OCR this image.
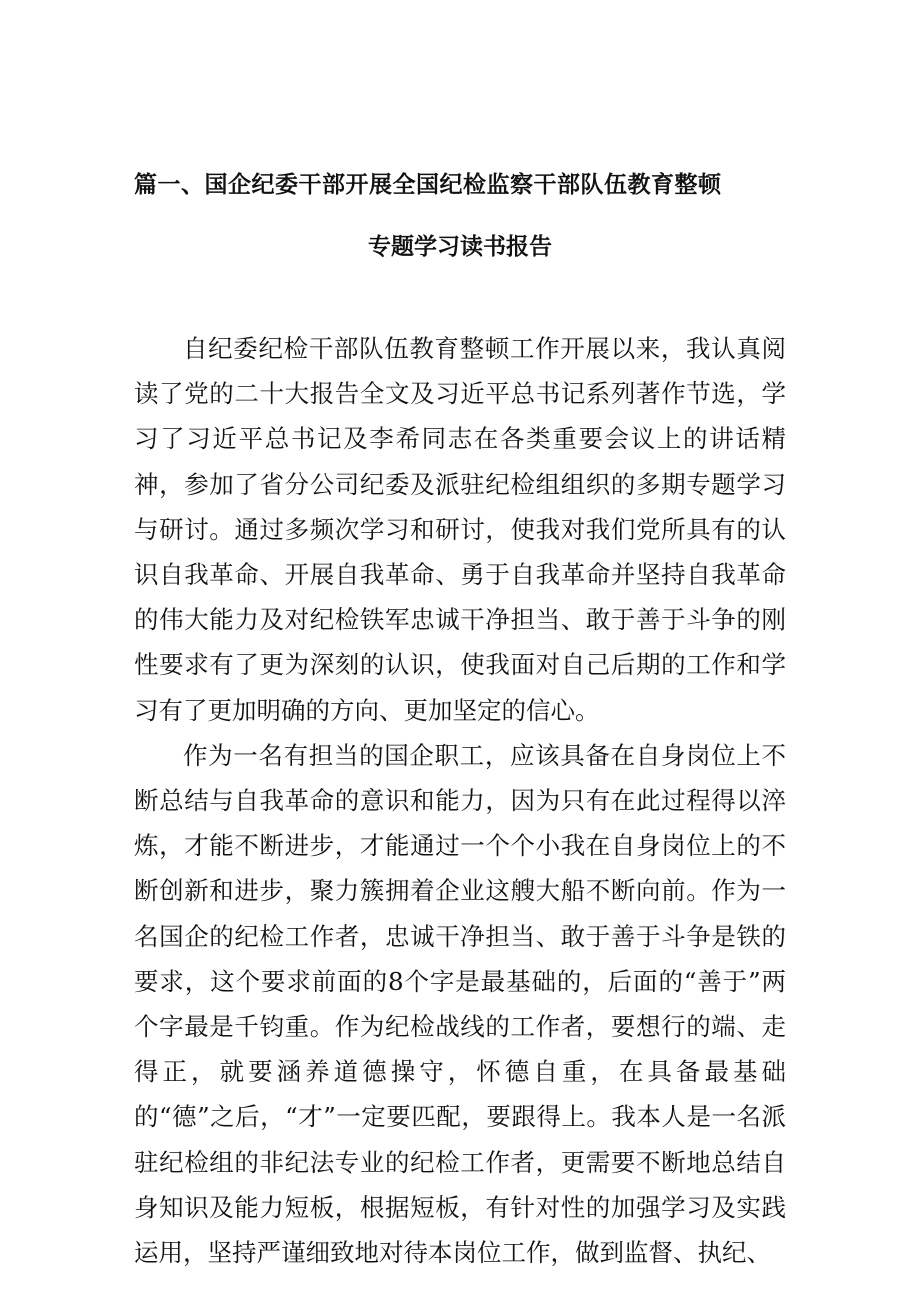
篇一、国企纪委干部开展全国纪检监察干部队伍教育整顿
专题学习读书报告

自纪委纪检干部队伍教育整顿工作开展以来，我认真阅读了党的二十大报告全文及习近平总书记系列著作节选，学习了习近平总书记及李希同志在各类重要会议上的讲话精神，参加了省分公司纪委及派驻纪检组组织的多期专题学习与研讨。通过多频次学习和研讨，使我对我们党所具有的认识自我革命、开展自我革命、勇于自我革命并坚持自我革命的伟大能力及对纪检铁军忠诚干净担当、敢于善于斗争的刚性要求有了更为深刻的认识，使我面对自己后期的工作和学习有了更加明确的方向、更加坚定的信心。

作为一名有担当的国企职工，应该具备在自身岗位上不断总结与自我革命的意识和能力，因为只有在此过程得以淬炼，才能不断进步，才能通过一个个小我在自身岗位上的不断创新和进步，聚力簇拥着企业这艘大船不断向前。作为一名国企的纪检工作者，忠诚干净担当、敢于善于斗争是铁的要求，这个要求前面的8个字是最基础的，后面的“善于”两个字最是千钧重。作为纪检战线的工作者，要想行的端、走得正，就要涵养道德操守，怀德自重，在具备最基础的“德”之后，“才”一定要匹配，要跟得上。我本人是一名派驻纪检组的非纪法专业的纪检工作者，更需要不断地总结自身知识及能力短板，根据短板，有针对性的加强学习及实践运用，坚持严谨细致地对待本岗位工作，做到监督、执纪、
